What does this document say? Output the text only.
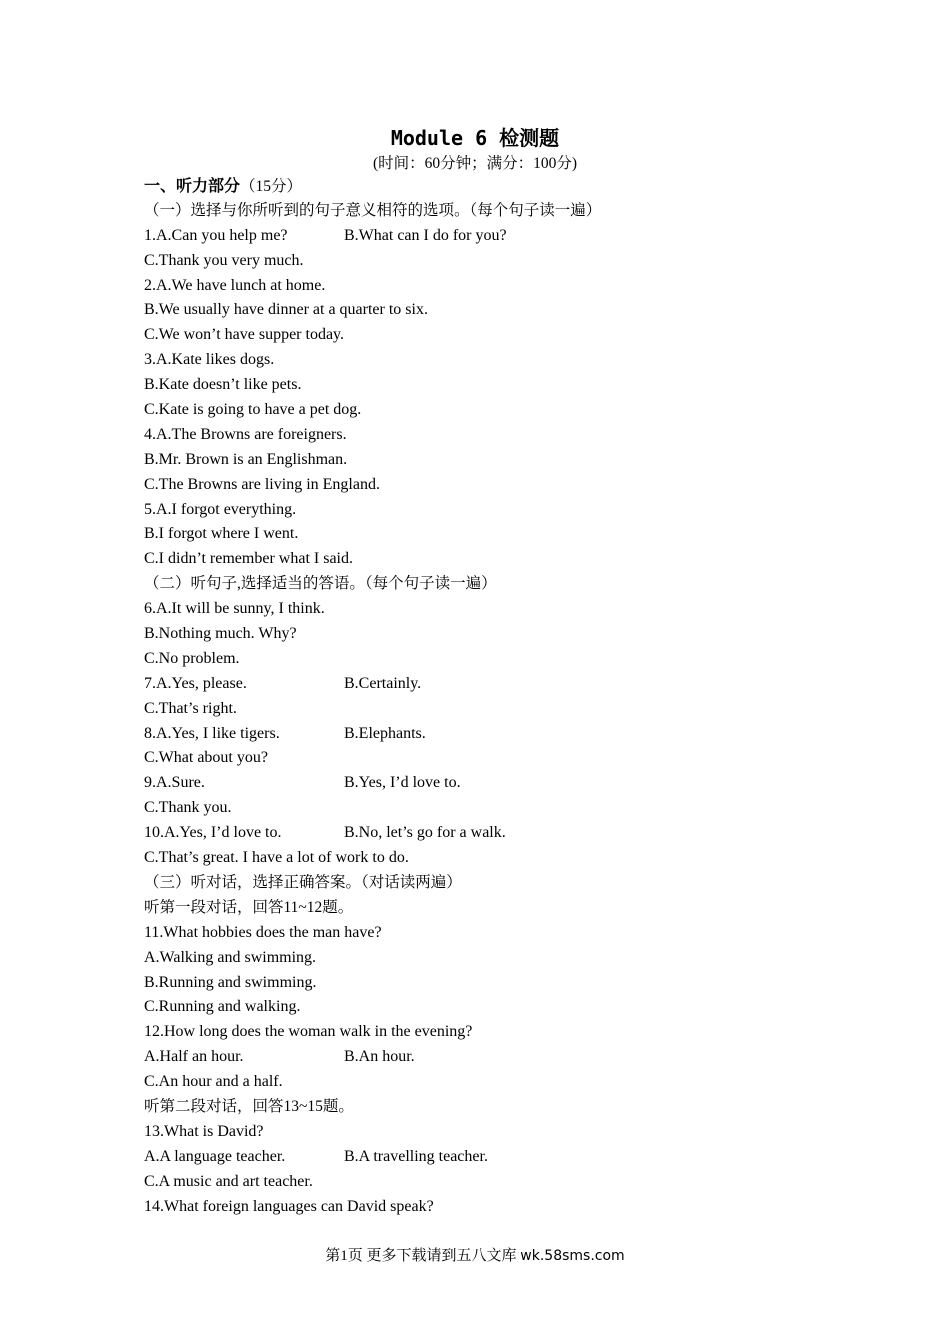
Module 6 检测题
(时间：60分钟；满分：100分)
一、听力部分（15分）
（一）选择与你所听到的句子意义相符的选项。（每个句子读一遍）
1.A.Can you help me?	B.What can I do for you?
C.Thank you very much.
2.A.We have lunch at home.
B.We usually have dinner at a quarter to six.
C.We won’t have supper today.
3.A.Kate likes dogs.
B.Kate doesn’t like pets.
C.Kate is going to have a pet dog.
4.A.The Browns are foreigners.
B.Mr. Brown is an Englishman.
C.The Browns are living in England.
5.A.I forgot everything.
B.I forgot where I went.
C.I didn’t remember what I said.
（二）听句子,选择适当的答语。（每个句子读一遍）
6.A.It will be sunny, I think.
B.Nothing much. Why?
C.No problem.
7.A.Yes, please.	B.Certainly.
C.That’s right.
8.A.Yes, I like tigers.	B.Elephants.
C.What about you?
9.A.Sure.	B.Yes, I’d love to.
C.Thank you.
10.A.Yes, I’d love to.	B.No, let’s go for a walk.
C.That’s great. I have a lot of work to do.
（三）听对话，选择正确答案。（对话读两遍）
听第一段对话，回答11~12题。
11.What hobbies does the man have?
A.Walking and swimming.
B.Running and swimming.
C.Running and walking.
12.How long does the woman walk in the evening?
A.Half an hour.	B.An hour.
C.An hour and a half.
听第二段对话，回答13~15题。
13.What is David?
A.A language teacher.	B.A travelling teacher.
C.A music and art teacher.
14.What foreign languages can David speak?
第1页 更多下载请到五八文库 wk.58sms.com
